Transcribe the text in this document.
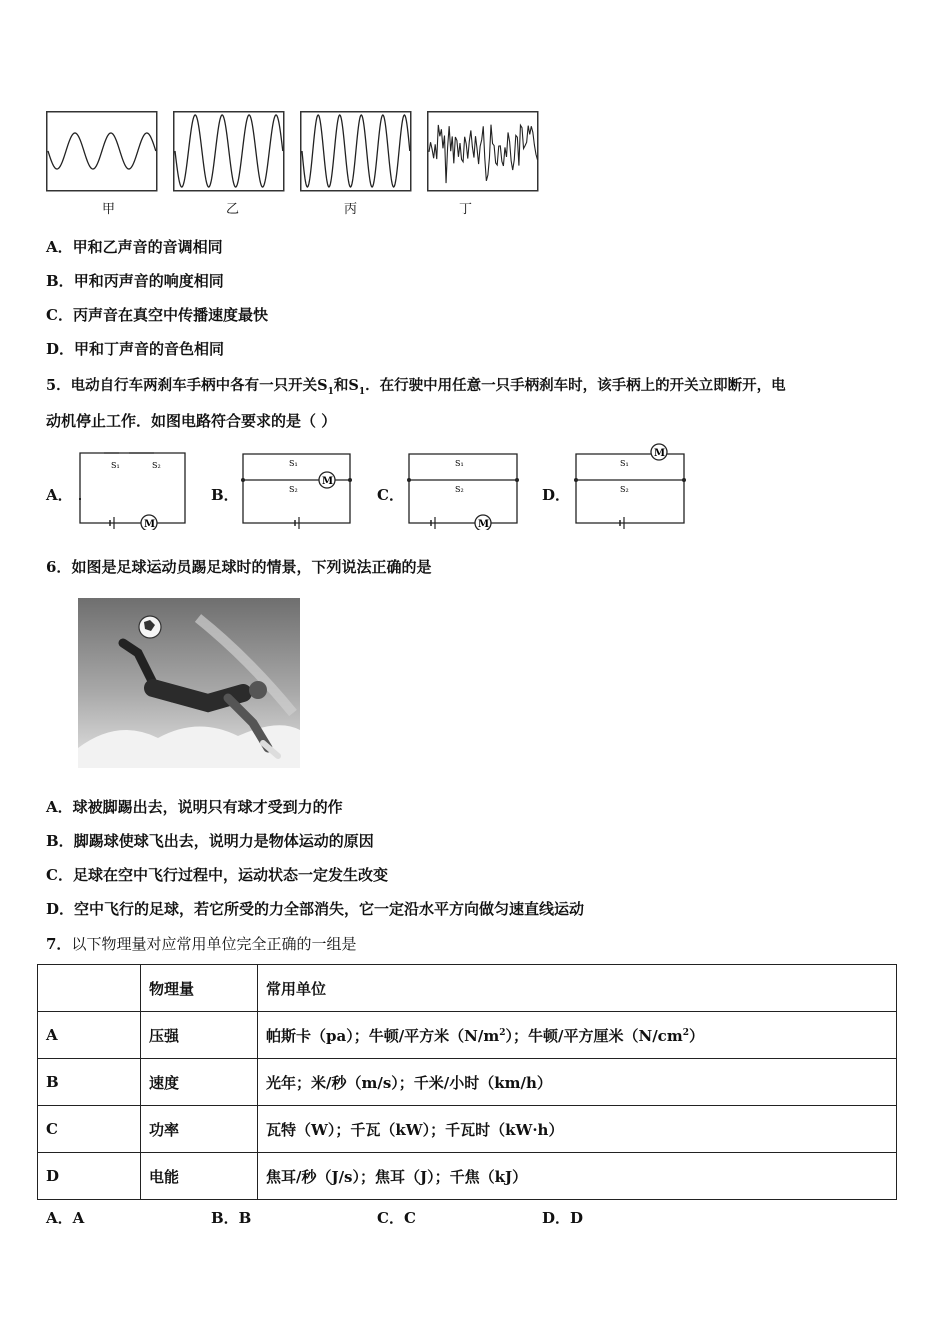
甲	乙	丙	丁
A．甲和乙声音的音调相同
B．甲和丙声音的响度相同
C．丙声音在真空中传播速度最快
D．甲和丁声音的音色相同
5．电动自行车两刹车手柄中各有一只开关$S_1$和$S_1$．在行驶中用任意一只手柄刹车时，该手柄上的开关立即断开，电
动机停止工作．如图电路符合要求的是（ ）
A．
S₁	S₂
M
B．
S₁
S₂
M
C．
S₁
S₂
M
D．
S₁
S₂
M
6．如图是足球运动员踢足球时的情景，下列说法正确的是
A．球被脚踢出去，说明只有球才受到力的作
B．脚踢球使球飞出去，说明力是物体运动的原因
C．足球在空中飞行过程中，运动状态一定发生改变
D．空中飞行的足球，若它所受的力全部消失，它一定沿水平方向做匀速直线运动
7．以下物理量对应常用单位完全正确的一组是
	物理量	常用单位
A	压强	帕斯卡（pa）；牛顿/平方米$(N/m^2)$；牛顿/平方厘米$(N/cm^2)$
B	速度	光年；米/秒（m/s）；千米/小时（km/h）
C	功率	瓦特（W）；千瓦（kW）；千瓦时（kW·h）
D	电能	焦耳/秒（J/s）；焦耳（J）；千焦（kJ）
A．A	B．B	C．C	D．D
